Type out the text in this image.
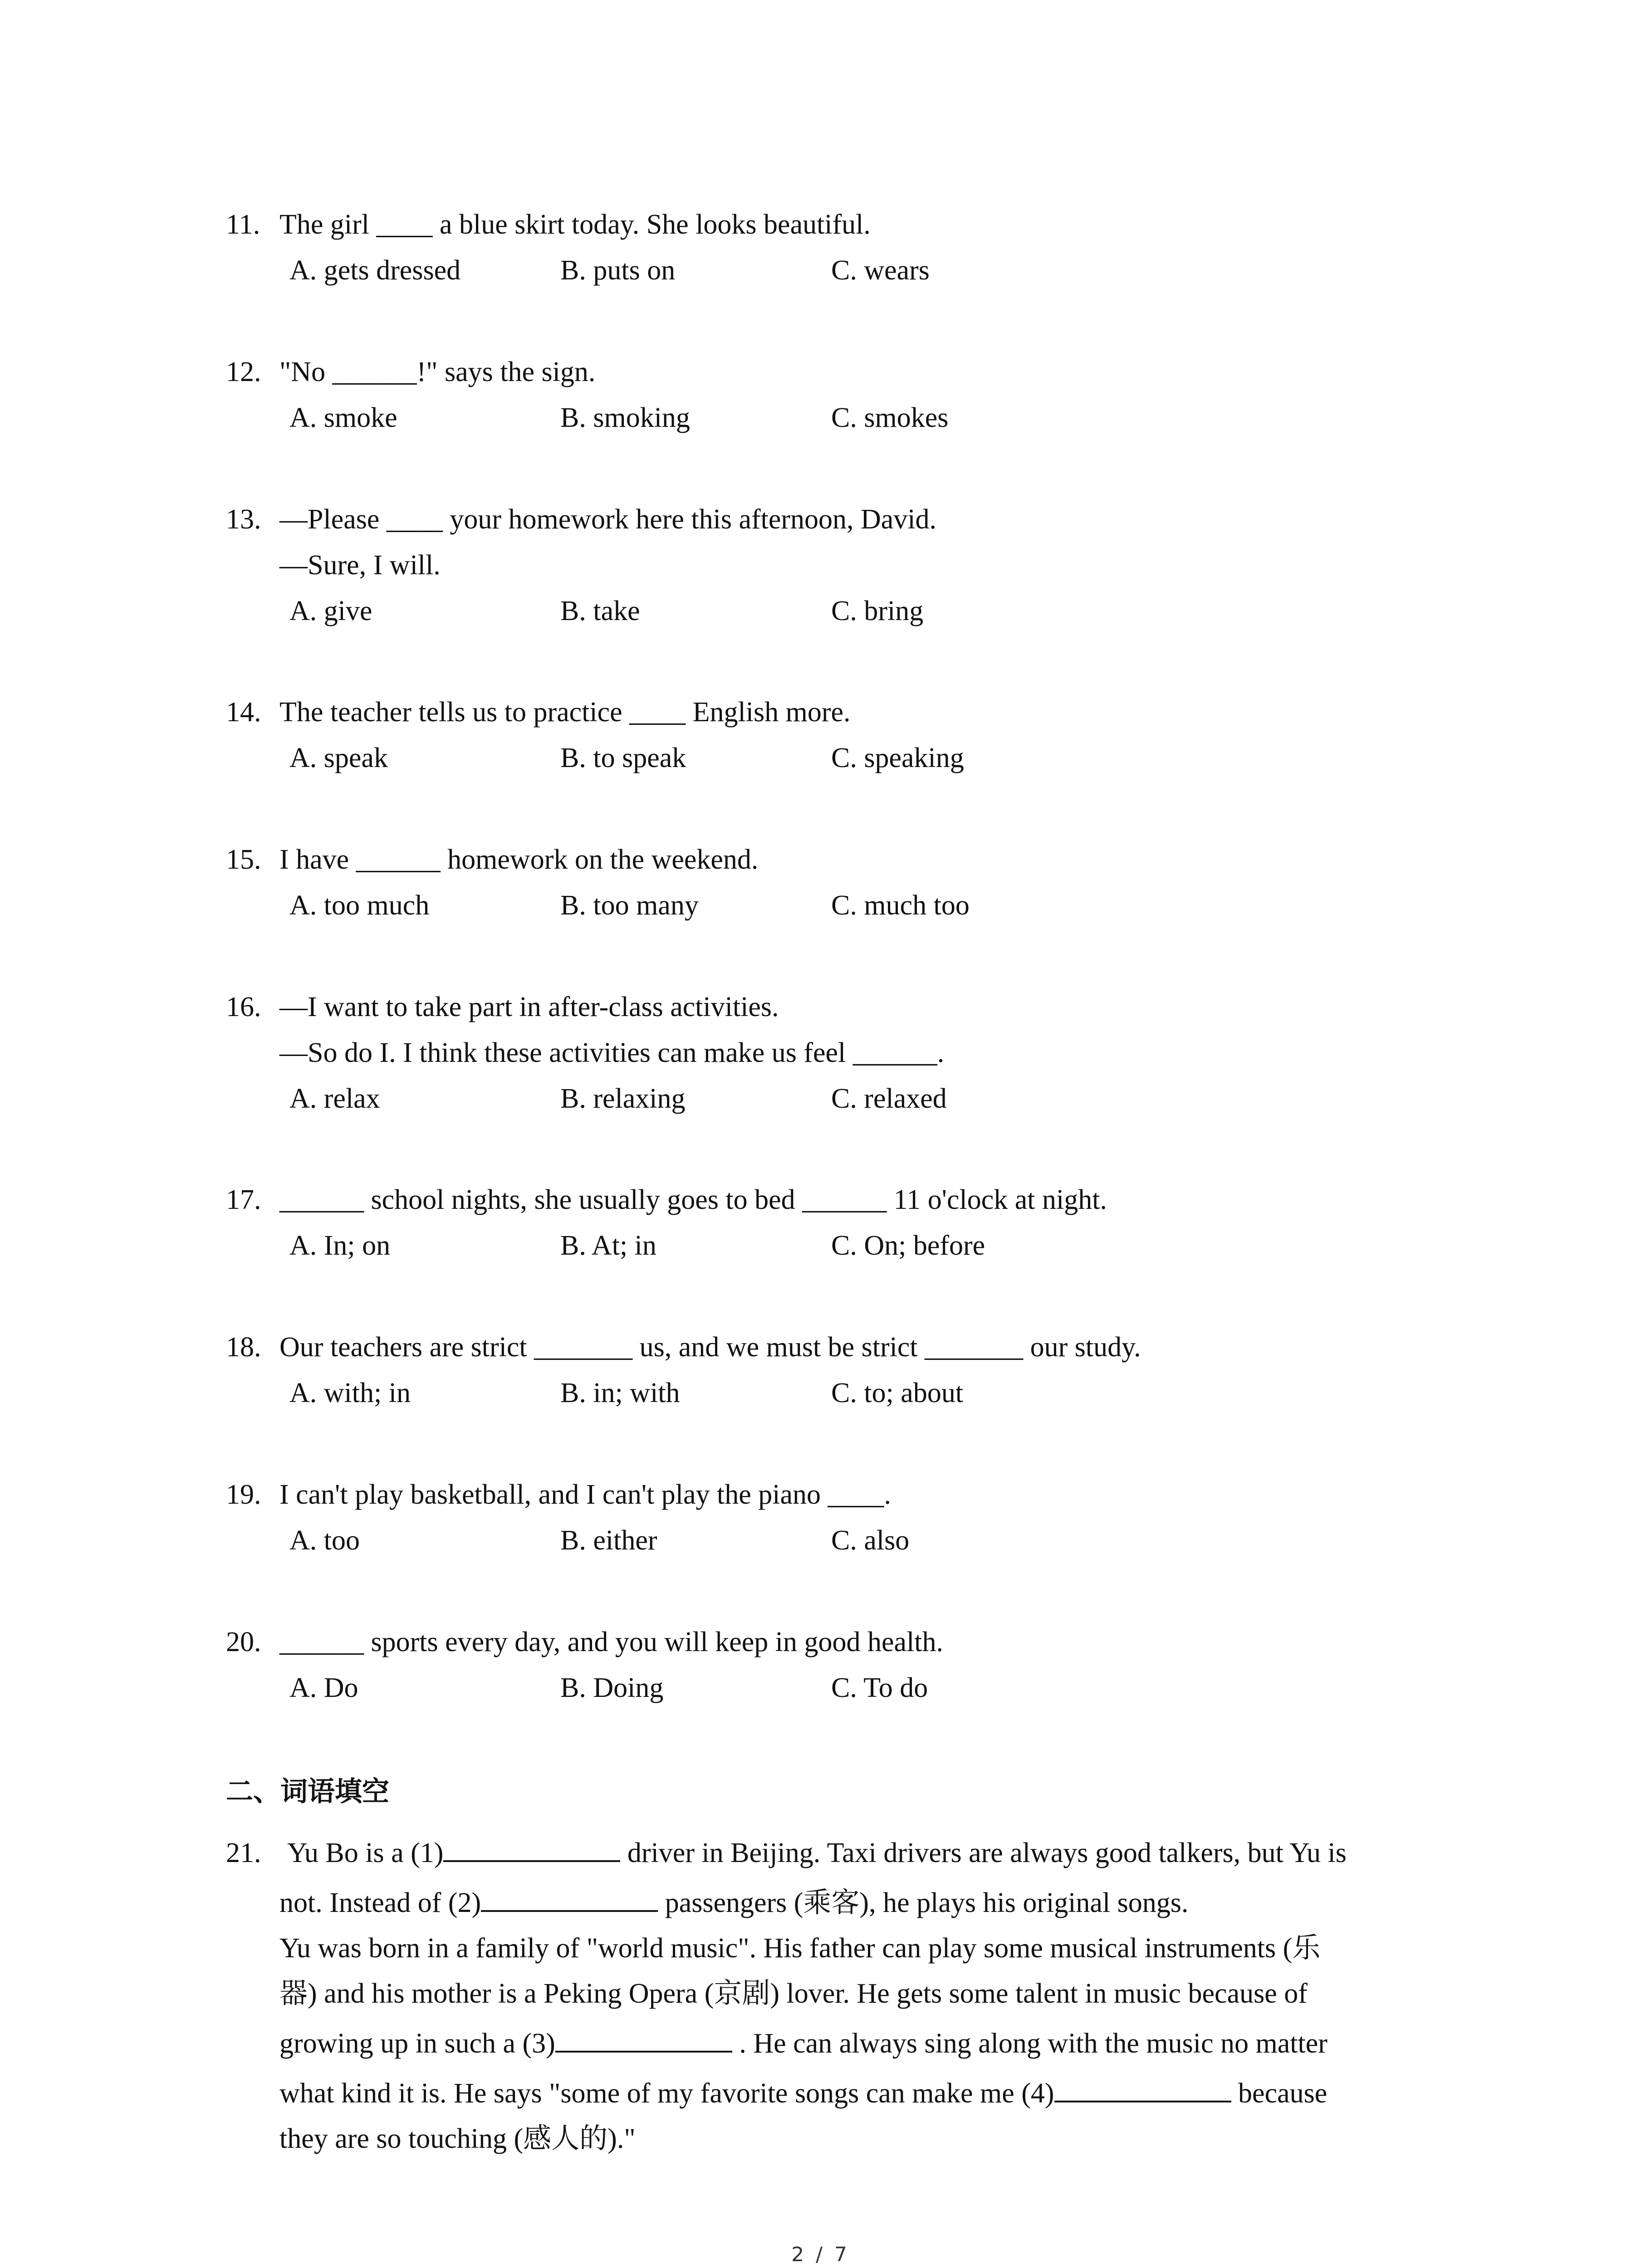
11. The girl ____ a blue skirt today. She looks beautiful.
A. gets dressed	B. puts on	C. wears
12. "No ______!" says the sign.
A. smoke	B. smoking	C. smokes
13. —Please ____ your homework here this afternoon, David.
—Sure, I will.
A. give	B. take	C. bring
14. The teacher tells us to practice ____ English more.
A. speak	B. to speak	C. speaking
15. I have ______ homework on the weekend.
A. too much	B. too many	C. much too
16. —I want to take part in after-class activities.
—So do I. I think these activities can make us feel ______.
A. relax	B. relaxing	C. relaxed
17. ______ school nights, she usually goes to bed ______ 11 o'clock at night.
A. In; on	B. At; in	C. On; before
18. Our teachers are strict _______ us, and we must be strict _______ our study.
A. with; in	B. in; with	C. to; about
19. I can't play basketball, and I can't play the piano ____.
A. too	B. either	C. also
20. ______ sports every day, and you will keep in good health.
A. Do	B. Doing	C. To do
二、词语填空
21. Yu Bo is a (1)	driver in Beijing. Taxi drivers are always good talkers, but Yu is
not. Instead of (2)	passengers (乘客), he plays his original songs.
Yu was born in a family of "world music". His father can play some musical instruments (乐
器) and his mother is a Peking Opera (京剧) lover. He gets some talent in music because of
growing up in such a (3)	. He can always sing along with the music no matter
what kind it is. He says "some of my favorite songs can make me (4)	because
they are so touching (感人的)."
2 / 7
